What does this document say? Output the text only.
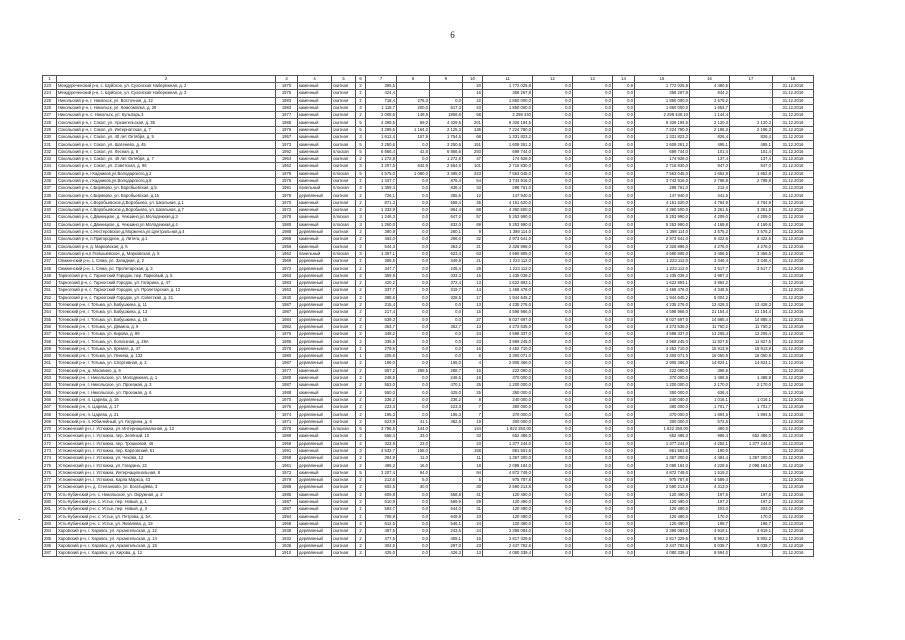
6
-
1	2	3	4	5	6	7	8	9	10	11	12	13	14	15	16	17	18
223	Междуреченский р-н, с. Шуйское, ул. Сухонская Набережная, д. 2	1970	каменный	скатная	2	395,5			20	1 772 025,8	0,0	0,0	0,9	1 772 025,8	4 480,5	-	31.12.2016
224	Междуреченский р-н, с. Шуйское, ул. Сухонская Набережная, д. 3	1975	каменный	скатная	2	424,4			16	358 267,8	0,0	0,0	0,0	358 267,8	844,2	-	31.12.2016
225	Никольский р-н, г. Никольск, ул. Восточная, д. 12	1983	каменный	скатная	2	718,4	276,3	0,0	22	1 850 000,0	0,0	0,0	0,0	1 850 000,0	2 575,2	-	31.12.2016
226	Никольский р-н, г. Никольск, ул. Комсомолка, д. 29	1983	каменный	скатная	3	1 118,7	200,0	817,3	43	1 850 000,0	0,0	0,0	0,0	1 850 000,0	1 653,7	-	31.12.2016
227	Никольский р-н, с. Никольск, ул. Кульпарь,3	1977	каменный	скатная	2	2 008,6	149,8	1856,8	68	2 298 440	0,0	0,0	0,0	2 298 440,10	1 144,4	-	31.12.2016
228	Сокольский р-н, г. Сокол, ул. Архангельская, д. 35	1988	каменный	скатная	5	4 398,5	69,0	4 329,5	201	9 326 194,5	0,0	0,0	0,0	9 326 194,5	2 120,3	2 120,3	31.12.2016
229	Сокольский р-н, г. Сокол, ул. Интернатская, д. 7	1976	каменный	скатная	5	3 289,5	1 164,2	2 125,3	136	7 224 780,0	0,0	0,0	0,0	7 224 780,0	2 196,3	2 196,3	31.12.2016
230	Сокольский р-н, г. Сокол, ул. 40 лет Октября, д. 5	1957	каменный	скатная	3	1 612,4	157,9	1 754,5	68	1 331 823,2	0,0	0,0	0,0	1 331 823,2	826,4	826,4	31.12.2016
231	Сокольский р-н, г. Сокол, ул. Шатенево, д. 45	1973	каменный	скатная	5	3 250,6	0,0	3 250,6	151	1 609 261,2	0,0	0,0	0,0	1 609 261,2	495,1	495,1	31.12.2016
232	Сокольский р-н, г. Сокол, ул. Лесная, д. 6	1992	каменный	плоская	5	6 866,4	42,8	6 866,6	293	699 744,0	0,0	0,0	0,0	699 744,0	101,4	101,4	31.12.2016
233	Сокольский р-н, г. Сокол, ул. 40 лет Октября, д. 7	1964	каменный	скатная	2	1 272,8	0,0	1 272,8	47	174 926,0	0,0	0,0	0,0	174 926,0	137,4	137,4	31.12.2016
234	Сокольский р-н, г. Сокол, ул. Советская, д. 96	1962	каменный	скатная	3	3 207,5	642,9	2 564,6	101	2 716 830,0	0,0	0,0	0,0	2 716 830,0	847,0	847,0	31.12.2016
235	Сокольский р-н, г.Кадников,ул.Володарского,д.2	1978	каменный	плоская	5	4 575,0	1 080,0	3 495,0	223	7 563 045,0	0,0	0,0	0,0	7 563 045,0	1 652,8	1 652,8	31.12.2016
236	Сокольский р-н, г.Кадников,ул.Володарского,д.8	1976	каменный	скатная	2	1 337,7	0,0	876,4	54	3 743 916,0	0,0	0,0	0,0	3 743 916,0	2 798,8	2 798,8	31.12.2016
237	Сокольский р-н, с.Биряково, ул. Воробьевская, д.5	1991	панельный	плоская	3	1 359,4	0,0	836,4	33	288 761,0	0,0	0,0	0,0	288 761,0	212,4	-	31.12.2016
238	Сокольский р-н, с.Биряково, ул. Воробьевская, д.15	1978	деревянный	скатная	2	726,1	0,0	355,6	12	147 940,0	0,0	0,0	0,0	147 940,0	441,5	-	31.12.2016
239	Сокольский р-н, с.Воробьевское,д.Воробьево, ул. Школьная, д.1	1970	каменный	скатная	2	871,3	0,0	558,4	46	4 151 620,0	0,0	0,0	0,0	4 151 620,0	4 764,9	4 764,9	31.12.2016
240	Сокольский р-н, с.Воробьевское,д.Воробьево, ул. Школьная, д.7	1972	каменный	скатная	2	1 333,9	0,0	864,4	68	4 360 500,0	0,0	0,0	0,0	4 360 500,0	3 261,5	3 261,5	31.12.2016
241	Сокольский р-н, с.Двиницкое, д. Чекшино,ул.Молодежная,д.3	1978	каменный	плоская	3	1 246,3	0,0	647,2	57	5 253 990,0	0,0	0,0	0,0	5 253 990,0	4 209,0	4 209,0	31.12.2016
242	Сокольский р-н, с.Двиницкое, д. Чекшино,ул.Молодежная,д.4	1980	каменный	плоская	3	1 260,0	0,0	832,0	69	5 253 990,0	0,0	0,0	0,0	5 253 990,0	4 169,8	4 169,8	31.12.2016
243	Сокольский р-н, с.Нестеровское,д.Морженга,ул.Центральная,д.4	1988	деревянный	скатная	2	390,9	0,0	260,1	9	1 398 114,0	0,0	0,0	0,0	1 398 114,0	3 575,2	3 575,2	31.12.2016
244	Сокольский р-н, п.Пригородное, д. Литега, д.1	1968	каменный	скатная	2	463,0	0,0	296,0	32	2 973 641,0	0,0	0,0	0,0	2 973 641,0	6 422,6	6 422,6	31.12.2016
245	Сокольский р-н, д. Марковская, д. 5	1956	каменный	скатная	2	544,3	0,0	363,2	21	2 326 898,0	0,0	0,0	0,0	2 326 898,0	4 276,0	4 276,0	31.12.2016
246	Сокольский р-н,п.Полышевское, д. Марковская, д. 5	1962	панельный	плоская	3	1 357,1	0,0	623,4	63	4 690 805,0	0,0	0,0	0,0	4 690 805,0	3 456,5	3 456,5	31.12.2016
247	Сямженский р-н, с. Сяма, ул. Западная, д. 2	1969	деревянный	скатная	2	365,5	0,0	349,8	21	1 223 112,0	0,0	0,0	0,0	1 223 112,0	3 346,4	3 346,4	31.12.2016
248	Сямженский р-н, с. Сяма, ул. Пролетарская, д. 3	1972	деревянный	скатная	2	347,7	0,0	245,4	28	1 223 112,0	0,0	0,0	0,0	1 223 112,0	3 517,7	3 517,7	31.12.2016
249	Тарногский р-н, с. Тарногский Городок, пер. Парковый, д. 5	1963	деревянный	скатная	2	359,9	0,0	333,3	15	1 435 039,2	0,0	0,0	0,0	1 435 039,2	3 987,3	-	31.12.2016
250	Тарногский р-н, с. Тарногский Городок, ул. Гагарина, д. 47	1983	деревянный	скатная	2	420,2	0,0	372,4	13	1 622 893,1	0,0	0,0	0,0	1 622 893,1	3 862,2	-	31.12.2016
251	Тарногский р-н, с. Тарногский Городок, ул. Пролетарская, д. 12	1963	деревянный	скатная	2	337,7	0,0	319,7	14	1 468 476,0	0,0	0,0	0,0	1 468 476,0	4 348,5	-	31.12.2016
252	Тарногский р-н, с. Тарногский Городок, ул. Советская, д. 21	1940	деревянный	скатная	2	388,6	0,0	328,5	17	1 944 645,2	0,0	0,0	0,0	1 944 645,2	5 004,2	-	31.12.2016
253	Тотемский р-н, г. Тотьма, ул. Бабушкина, д. 11	1987	деревянный	скатная	2	315,4	0,0	0,0	13	4 235 276,0	0,0	0,0	0,0	4 235 276,0	13 428,3	13 428,3	31.12.2016
254	Тотемский р-н, г. Тотьма, ул. Бабушкина, д. 13	1987	деревянный	скатная	2	217,4	0,0	0,0	15	4 598 966,0	0,0	0,0	0,0	4 598 966,0	21 154,4	21 154,4	31.12.2016
255	Тотемский р-н, г. Тотьма, ул. Бабушкина, д. 15	1984	деревянный	скатная	2	539,3	0,0	0,0	27	8 027 697,0	0,0	0,0	0,0	8 027 697,0	14 885,4	14 885,4	31.12.2016
256	Тотемский р-н, г. Тотьма, ул. Дёмина, д. 9	1982	деревянный	скатная	2	363,7	0,0	362,7	13	4 273 535,0	0,0	0,0	0,0	4 273 535,0	11 750,2	11 750,2	31.12.2016
257	Тотемский р-н, г. Тотьма, ул. Кирова, д. 99	1976	деревянный	скатная	2	348,2	0,0	0,0	24	4 598 337,0	0,0	0,0	0,0	4 598 337,0	13 205,4	13 205,4	31.12.2016
258	Тотемский р-н, г. Тотьма, ул. Колхозная, д. 29А	1986	деревянный	скатная	2	335,6	0,0	0,0	23	3 969 245,0	0,0	0,0	0,0	3 969 245,0	11 827,5	11 827,5	31.12.2016
259	Тотемский р-н, г. Тотьма, ул. Кремля, д. 47	1978	деревянный	скатная	2	279,6	0,0	0,0	16	4 452 710,0	0,0	0,0	0,0	4 452 710,0	15 913,9	15 913,9	31.12.2016
260	Тотемский р-н, г. Тотьма, ул. Ленина, д. 133	1980	деревянный	скатная	1	205,6	0,0	0,0	8	3 300 071,0	0,0	0,0	0,0	3 300 071,0	16 050,9	16 050,9	31.12.2016
261	Тотемский р-н, г. Тотьма, ул. Спортивная, д. 2	1987	деревянный	скатная	2	196,0	0,0	195,0	4	2 905 466,0	0,0	0,0	0,0	2 905 466,0	14 824,1	14 824,1	31.12.2016
262	Тотемский р-н, д. Москвино, д. 6	1977	каменный	скатная	2	557,2	268,5	288,7	16	222 090,0	0,0	0,0	0,0	222 090,0	398,6	-	31.12.2016
263	Тотемский р-н, г. Никольское, ул. Молодежная, д. 1	1980	каменный	скатная	2	248,5	0,0	248,5	16	370 000,0	0,0	0,0	0,0	370 000,0	1 488,9	1 488,9	31.12.2016
264	Тотемский р-н, г. Никольское, ул. Проезжая, д. 3	1987	каменный	скатная	2	553,0	0,0	470,1	25	1 200 000,0	0,0	0,0	0,0	1 200 000,0	2 170,0	2 170,0	31.12.2016
265	Тотемский р-н, г. Никольское, ул. Проезжая, д. 6	1988	каменный	скатная	2	550,0	0,0	425,0	25	350 000,0	0,0	0,0	0,0	350 000,0	636,4	-	31.12.2016
266	Тотемский р-н, п. Царева, д. 16	1970	деревянный	скатная	2	236,2	0,0	236,2	8	240 000,0	0,0	0,0	0,0	240 000,0	1 016,1	1 016,1	31.12.2016
267	Тотемский р-н, п. Царева, д. 17	1976	деревянный	скатная	2	223,3	0,0	223,3	7	380 000,0	0,0	0,0	0,0	380 000,0	1 701,7	1 701,7	31.12.2016
268	Тотемский р-н, п. Царева, д. 21	1974	деревянный	скатная	2	195,3	0,0	195,3	7	370 000,0	0,0	0,0	0,0	370 000,0	1 894,5	1 894,5	31.12.2016
269	Тотемский р-н, п. Юбилейный, ул. Гагурина, д. 6	1971	деревянный	скатная	2	523,9	41,1	482,8	19	300 000,0	0,0	0,0	0,0	300 000,0	572,6	-	31.12.2016
270	Устюженский р-н, г. Устюжна, ул. Интернациональная, д. 13	1978	каменный	плоская	5	3 796,5	144,0		144	1 822 250,00	0,0	0,0	0,0	1 822 250,00	480,0	-	31.12.2016
271	Устюженский р-н, г. Устюжна, пер. Зелёный, 10	1989	каменный	скатная	2	658,4	33,0		33	652 486,0	0,0	0,0	0,0	652 486,0	996,4	652 486,0	31.12.2016
272	Устюженский р-н, г. Устюжна, пер. Трошковой, 46	1959	деревянный	скатная	2	323,9	23,0		23	1 377 244,0	0,0	0,0	0,0	1 377 244,0	4 252,1	1 377 244,0	31.12.2016
273	Устюженский р-н, г. Устюжна, пер. Карловский, 51	1991	каменный	скатная	3	4 532,7	158,0		158	861 561,6	0,0	0,0	0,0	861 561,6	190,0	-	31.12.2016
274	Устюженский р-н, г. Устюжна, ул. Чехова, 12	1958	деревянный	скатная	2	304,9	11,0		11	1 367 300,0	0,0	0,0	0,0	1 367 300,0	4 484,4	1 367 300,0	31.12.2016
275	Устюженский р-н, г. Устюжна, ул. Гагарина, 22	1961	деревянный	скатная	2	496,2	16,0		18	2 098 184,0	0,0	0,0	0,0	2 098 184,0	4 228,5	2 098 184,0	31.12.2016
276	Устюженский р-н, г. Устюжна, Интернациональная, 8	1972	каменный	скатная	5	3 207,4	94,0		94	4 872 749,0	0,0	0,0	0,0	4 872 749,0	1 519,2	-	31.12.2016
277	Устюженский р-н, г. Устюжна, Карла Маркса, 43	1979	деревянный	скатная	2	212,6	5,0		5	975 787,8	0,0	0,0	0,0	975 787,8	4 589,4	-	31.12.2016
278	Устюженский р-н, д. Степанково, ул. Богатырёва, 3	1988	деревянный	скатная	2	602,5	30,0		30	2 590 213,8	0,0	0,0	0,0	2 590 213,8	4 313,0	-	31.12.2016
279	Усть-Кубинский р-н, с. Никольское, ул. Окружная, д. 2	1985	каменный	скатная	2	609,8	0,0	558,8	41	120 490,0	0,0	0,0	0,0	120 490,0	197,6	197,6	31.12.2016
280	Усть-Кубинский р-н, с. Устье, пер. Новый, д. 1	1987	каменный	скатная	2	610,9	0,0	569,9	29	120 490,0	0,0	0,0	0,0	120 490,0	197,2	197,2	31.12.2016
281	Усть-Кубинский р-н, с. Устье, пер. Новый, д. 3	1987	каменный	скатная	2	593,7	0,0	544,0	31	120 490,0	0,0	0,0	0,0	120 490,0	203,0	203,0	31.12.2016
282	Усть-Кубинский р-н, с. Устье, ул. Петрова, д. 5А	1994	каменный	скатная	2	708,9	0,0	649,8	23	120 490,0	0,0	0,0	0,0	120 490,0	170,0	170,0	31.12.2016
283	Усть-Кубинский р-н, с. Устье, ул. Яковлева, д. 19	1968	каменный	скатная	2	612,5	0,0	546,1	24	120 490,0	0,0	0,0	0,0	120 490,0	196,7	196,7	31.12.2016
284	Харовский р-н, г. Харовск, ул. Архангельская, д. 12	1938	деревянный	скатная	2	487,5	0,0	243,5	24	2 396 083,0	0,0	0,0	0,0	2 396 083,0	4 919,1	4 919,1	31.12.2016
285	Харовский р-н, г. Харовск, ул. Архангельская, д. 14	1932	деревянный	скатная	2	477,5	0,0	409,1	16	2 817 329,6	0,0	0,0	0,0	2 817 329,6	5 902,2	5 902,2	31.12.2016
286	Харовский р-н, г. Харовск, ул. Архангельская, д. 18	1936	деревянный	скатная	2	304,5	0,0	297,0	23	2 447 782,6	0,0	0,0	0,0	2 447 782,6	8 038,7	8 038,7	31.12.2016
287	Харовский р-н, г. Харовск, ул. Кирова, д. 12	1910	деревянный	скатная	2	425,0	0,0	426,3	13	4 080 339,4	0,0	0,0	0,0	4 080 339,4	9 594,0	-	31.12.2016
